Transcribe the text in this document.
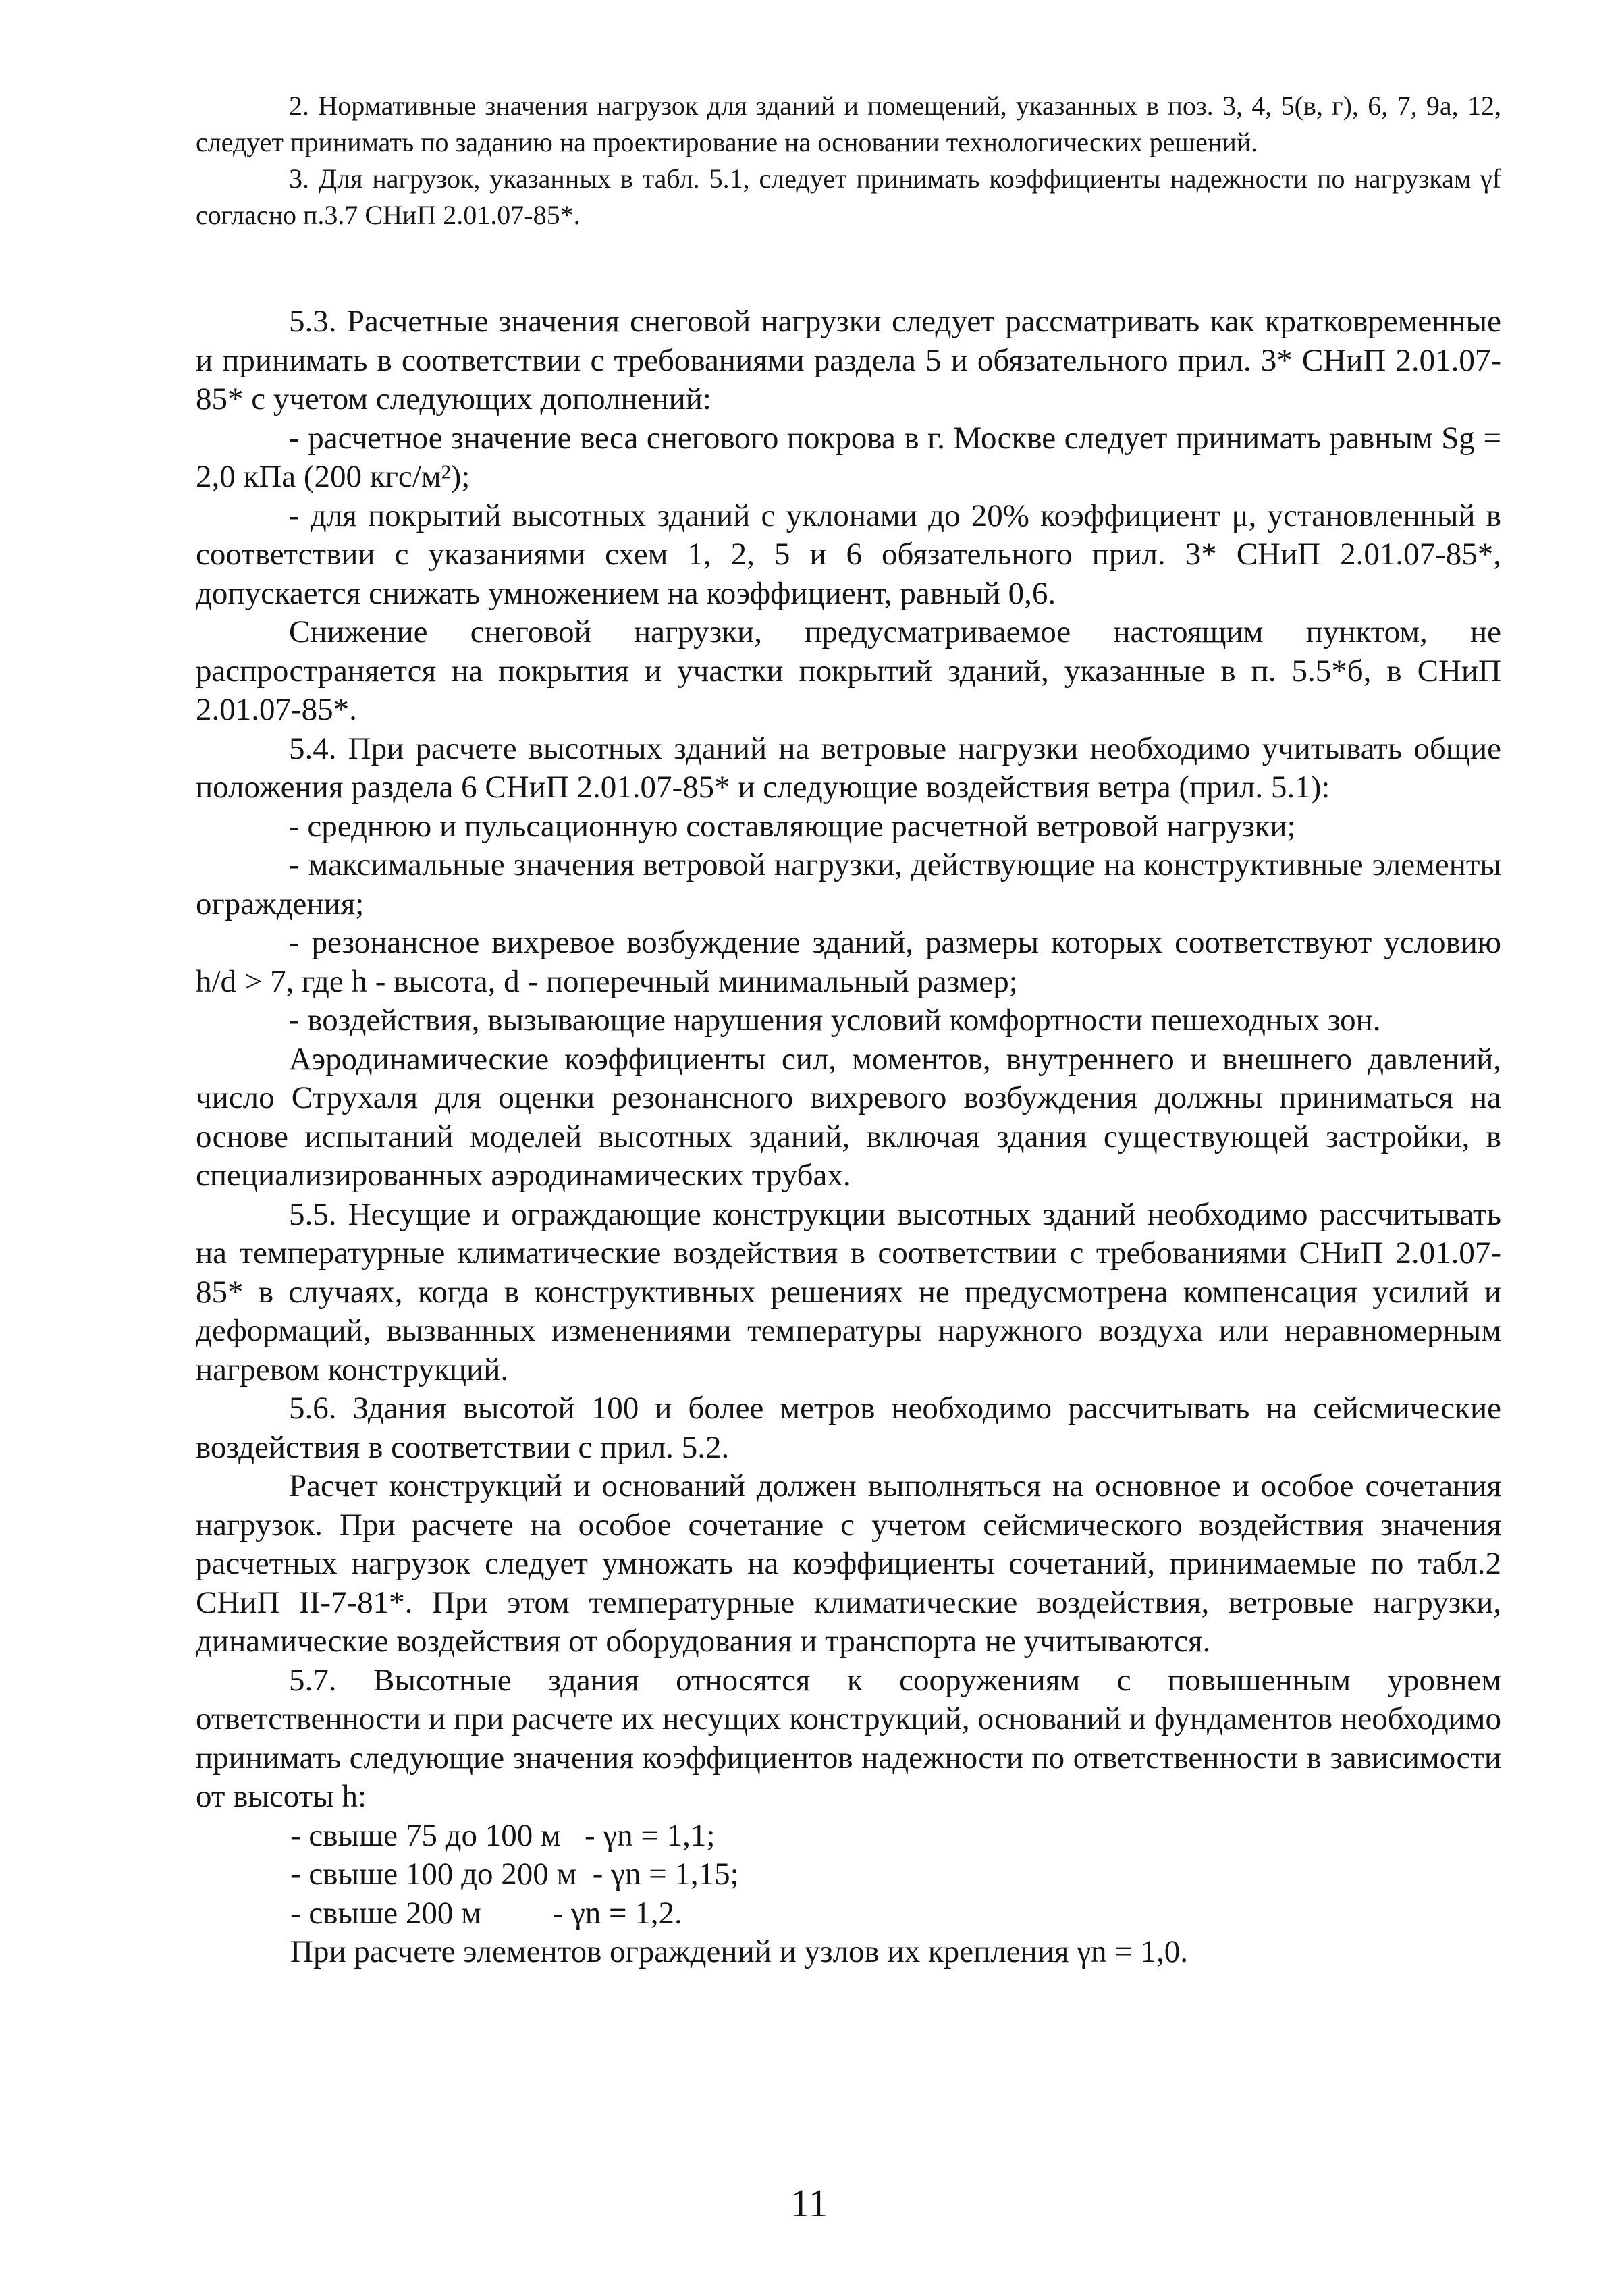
2. Нормативные значения нагрузок для зданий и помещений, указанных в поз. 3, 4, 5(в, г), 6, 7, 9а, 12, следует принимать по заданию на проектирование на основании технологических решений.

3. Для нагрузок, указанных в табл. 5.1, следует принимать коэффициенты надежности по нагрузкам γf согласно п.3.7 СНиП 2.01.07-85*.

5.3. Расчетные значения снеговой нагрузки следует рассматривать как кратковременные и принимать в соответствии с требованиями раздела 5 и обязательного прил. 3* СНиП 2.01.07-85* с учетом следующих дополнений:

- расчетное значение веса снегового покрова в г. Москве следует принимать равным Sg = 2,0 кПа (200 кгс/м²);

- для покрытий высотных зданий с уклонами до 20% коэффициент μ, установленный в соответствии с указаниями схем 1, 2, 5 и 6 обязательного прил. 3* СНиП 2.01.07-85*, допускается снижать умножением на коэффициент, равный 0,6.

Снижение снеговой нагрузки, предусматриваемое настоящим пунктом, не распространяется на покрытия и участки покрытий зданий, указанные в п. 5.5*б, в СНиП 2.01.07-85*.

5.4. При расчете высотных зданий на ветровые нагрузки необходимо учитывать общие положения раздела 6 СНиП 2.01.07-85* и следующие воздействия ветра (прил. 5.1):

- среднюю и пульсационную составляющие расчетной ветровой нагрузки;

- максимальные значения ветровой нагрузки, действующие на конструктивные элементы ограждения;

- резонансное вихревое возбуждение зданий, размеры которых соответствуют условию h/d > 7, где h - высота, d - поперечный минимальный размер;

- воздействия, вызывающие нарушения условий комфортности пешеходных зон.

Аэродинамические коэффициенты сил, моментов, внутреннего и внешнего давлений, число Струхаля для оценки резонансного вихревого возбуждения должны приниматься на основе испытаний моделей высотных зданий, включая здания существующей застройки, в специализированных аэродинамических трубах.

5.5. Несущие и ограждающие конструкции высотных зданий необходимо рассчитывать на температурные климатические воздействия в соответствии с требованиями СНиП 2.01.07-85* в случаях, когда в конструктивных решениях не предусмотрена компенсация усилий и деформаций, вызванных изменениями температуры наружного воздуха или неравномерным нагревом конструкций.

5.6. Здания высотой 100 и более метров необходимо рассчитывать на сейсмические воздействия в соответствии с прил. 5.2.

Расчет конструкций и оснований должен выполняться на основное и особое сочетания нагрузок. При расчете на особое сочетание с учетом сейсмического воздействия значения расчетных нагрузок следует умножать на коэффициенты сочетаний, принимаемые по табл.2 СНиП II-7-81*. При этом температурные климатические воздействия, ветровые нагрузки, динамические воздействия от оборудования и транспорта не учитываются.

5.7. Высотные здания относятся к сооружениям с повышенным уровнем ответственности и при расчете их несущих конструкций, оснований и фундаментов необходимо принимать следующие значения коэффициентов надежности по ответственности в зависимости от высоты h:

- свыше 75 до 100 м   - γn = 1,1;

- свыше 100 до 200 м  - γn = 1,15;

- свыше 200 м         - γn = 1,2.

При расчете элементов ограждений и узлов их крепления γn = 1,0.

11
